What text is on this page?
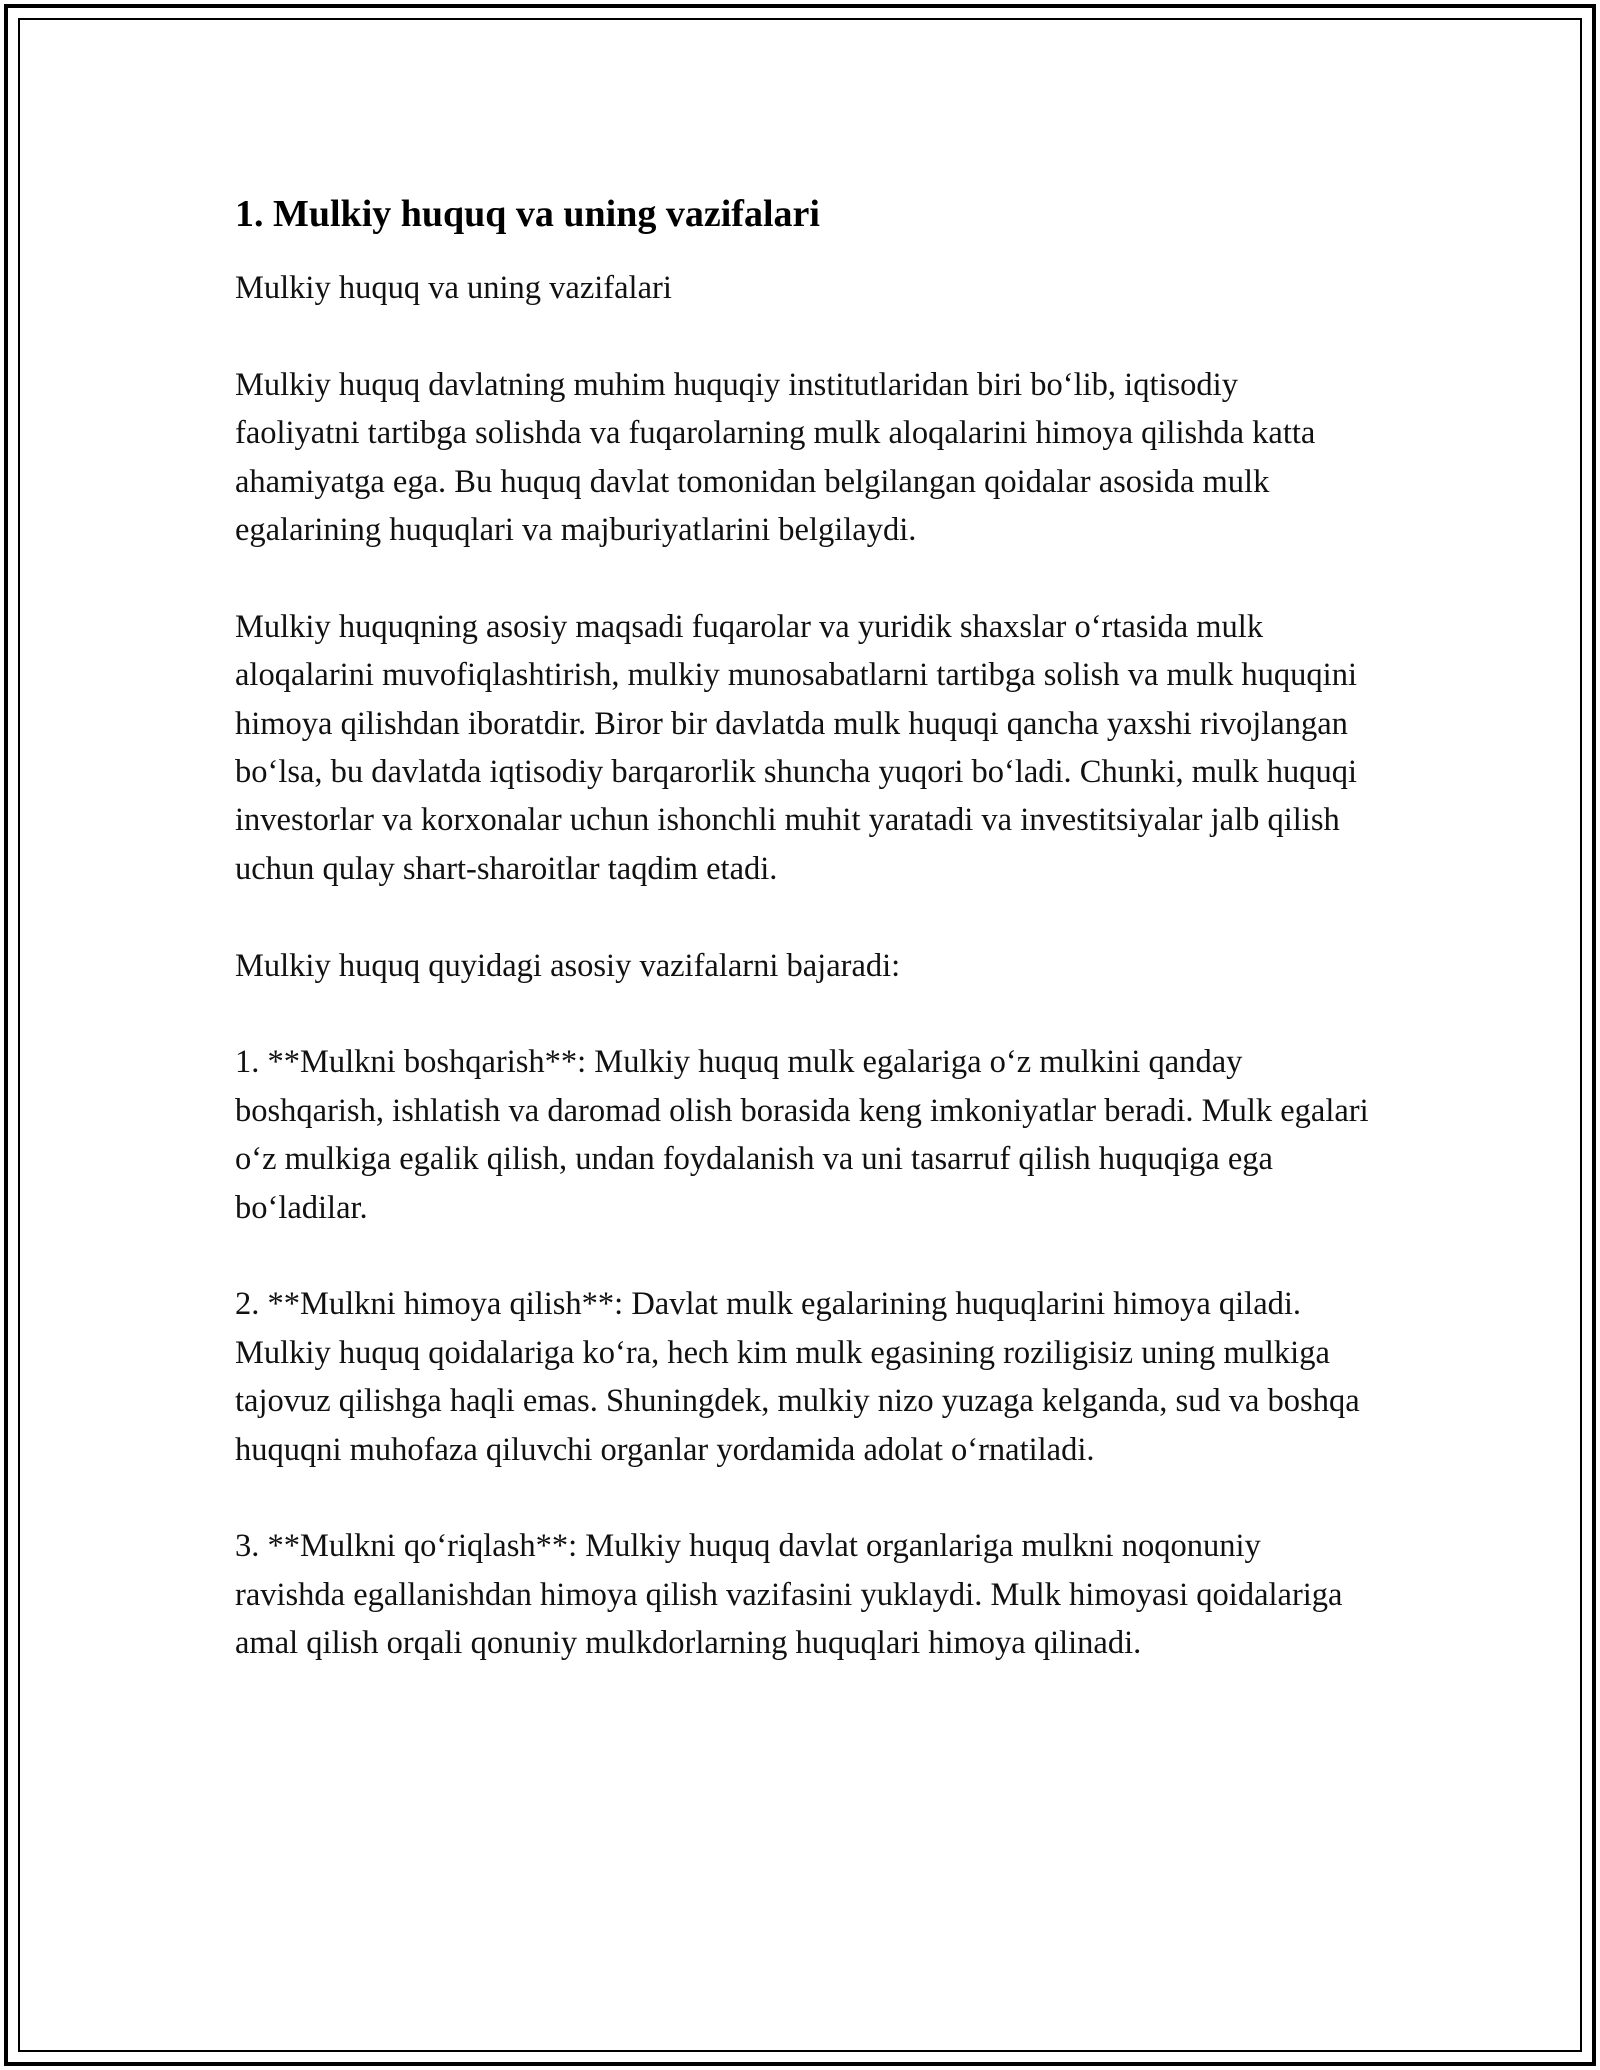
1. Mulkiy huquq va uning vazifalari

Mulkiy huquq va uning vazifalari

Mulkiy huquq davlatning muhim huquqiy institutlaridan biri bo‘lib, iqtisodiy faoliyatni tartibga solishda va fuqarolarning mulk aloqalarini himoya qilishda katta ahamiyatga ega. Bu huquq davlat tomonidan belgilangan qoidalar asosida mulk egalarining huquqlari va majburiyatlarini belgilaydi.

Mulkiy huquqning asosiy maqsadi fuqarolar va yuridik shaxslar o‘rtasida mulk aloqalarini muvofiqlashtirish, mulkiy munosabatlarni tartibga solish va mulk huquqini himoya qilishdan iboratdir. Biror bir davlatda mulk huquqi qancha yaxshi rivojlangan bo‘lsa, bu davlatda iqtisodiy barqarorlik shuncha yuqori bo‘ladi. Chunki, mulk huquqi investorlar va korxonalar uchun ishonchli muhit yaratadi va investitsiyalar jalb qilish uchun qulay shart-sharoitlar taqdim etadi.

Mulkiy huquq quyidagi asosiy vazifalarni bajaradi:

1. **Mulkni boshqarish**: Mulkiy huquq mulk egalariga o‘z mulkini qanday boshqarish, ishlatish va daromad olish borasida keng imkoniyatlar beradi. Mulk egalari o‘z mulkiga egalik qilish, undan foydalanish va uni tasarruf qilish huquqiga ega bo‘ladilar.

2. **Mulkni himoya qilish**: Davlat mulk egalarining huquqlarini himoya qiladi. Mulkiy huquq qoidalariga ko‘ra, hech kim mulk egasining roziligisiz uning mulkiga tajovuz qilishga haqli emas. Shuningdek, mulkiy nizo yuzaga kelganda, sud va boshqa huquqni muhofaza qiluvchi organlar yordamida adolat o‘rnatiladi.

3. **Mulkni qo‘riqlash**: Mulkiy huquq davlat organlariga mulkni noqonuniy ravishda egallanishdan himoya qilish vazifasini yuklaydi. Mulk himoyasi qoidalariga amal qilish orqali qonuniy mulkdorlarning huquqlari himoya qilinadi.
